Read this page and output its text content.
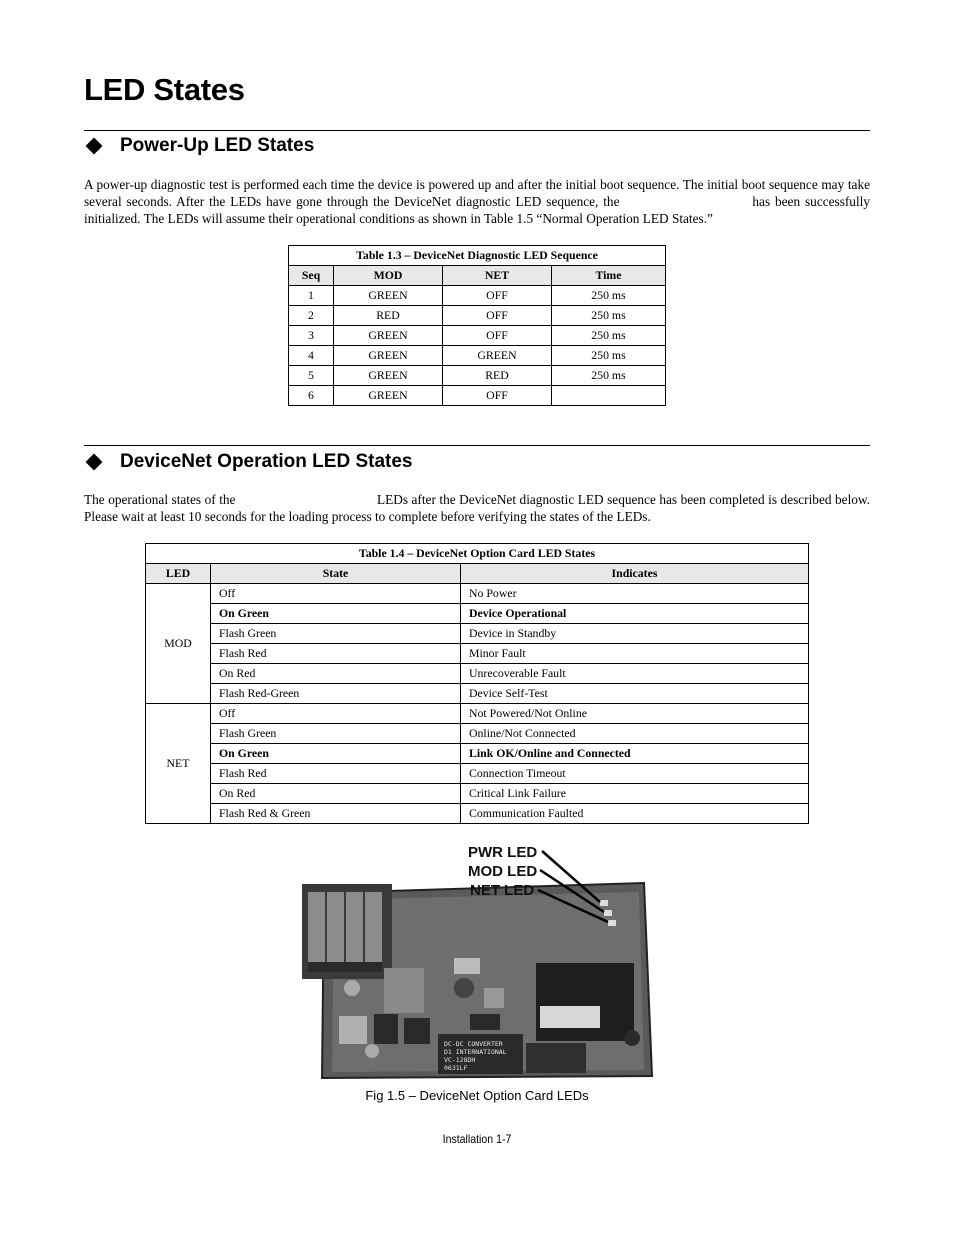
LED States
Power-Up LED States

A power-up diagnostic test is performed each time the device is powered up and after the initial boot sequence. The initial boot sequence may take several seconds. After the LEDs have gone through the DeviceNet diagnostic LED sequence, the	has been successfully initialized. The LEDs will assume their operational conditions as shown in Table 1.5 “Normal Operation LED States.”

Table 1.3 – DeviceNet Diagnostic LED Sequence			
Seq	MOD	NET	Time
1	GREEN	OFF	250 ms
2	RED	OFF	250 ms
3	GREEN	OFF	250 ms
4	GREEN	GREEN	250 ms
5	GREEN	RED	250 ms
6	GREEN	OFF	
DeviceNet Operation LED States

The operational states of the	LEDs after the DeviceNet diagnostic LED sequence has been completed is described below. Please wait at least 10 seconds for the loading process to complete before verifying the states of the LEDs.

Table 1.4 – DeviceNet Option Card LED States		
LED	State	Indicates
MOD	Off	No Power
	On Green	Device Operational
	Flash Green	Device in Standby
	Flash Red	Minor Fault
	On Red	Unrecoverable Fault
	Flash Red-Green	Device Self-Test
NET	Off	Not Powered/Not Online
	Flash Green	Online/Not Connected
	On Green	Link OK/Online and Connected
	Flash Red	Connection Timeout
	On Red	Critical Link Failure
	Flash Red & Green	Communication Faulted
DC-DC CONVERTER
D1 INTERNATIONAL
VC-128DH
0631LF
PWR LED
MOD LED
NET LED
Fig 1.5 – DeviceNet Option Card LEDs
Installation 1-7
